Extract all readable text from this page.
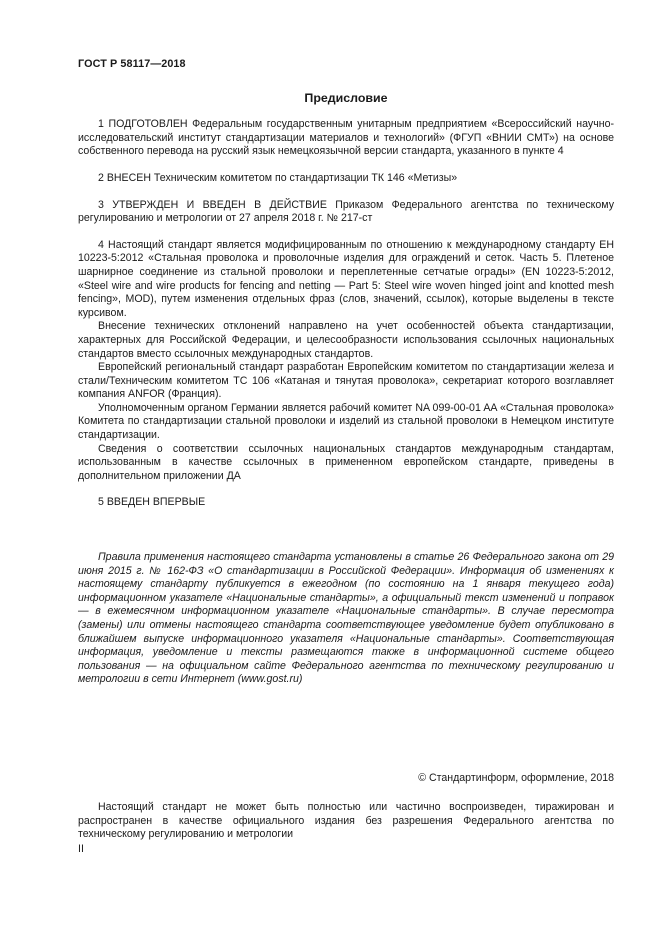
ГОСТ Р 58117—2018
Предисловие

1 ПОДГОТОВЛЕН Федеральным государственным унитарным предприятием «Всероссийский научно-исследовательский институт стандартизации материалов и технологий» (ФГУП «ВНИИ СМТ») на основе собственного перевода на русский язык немецкоязычной версии стандарта, указанного в пункте 4

2 ВНЕСЕН Техническим комитетом по стандартизации ТК 146 «Метизы»

3 УТВЕРЖДЕН И ВВЕДЕН В ДЕЙСТВИЕ Приказом Федерального агентства по техническому регулированию и метрологии от 27 апреля 2018 г. № 217-ст

4 Настоящий стандарт является модифицированным по отношению к международному стандарту ЕН 10223-5:2012 «Стальная проволока и проволочные изделия для ограждений и сеток. Часть 5. Плетеное шарнирное соединение из стальной проволоки и переплетенные сетчатые ограды» (EN 10223-5:2012, «Steel wire and wire products for fencing and netting — Part 5: Steel wire woven hinged joint and knotted mesh fencing», MOD), путем изменения отдельных фраз (слов, значений, ссылок), которые выделены в тексте курсивом.

Внесение технических отклонений направлено на учет особенностей объекта стандартизации, характерных для Российской Федерации, и целесообразности использования ссылочных национальных стандартов вместо ссылочных международных стандартов.

Европейский региональный стандарт разработан Европейским комитетом по стандартизации железа и стали/Техническим комитетом ТС 106 «Катаная и тянутая проволока», секретариат которого возглавляет компания ANFOR (Франция).

Уполномоченным органом Германии является рабочий комитет NA 099-00-01 AA «Стальная проволока» Комитета по стандартизации стальной проволоки и изделий из стальной проволоки в Немецком институте стандартизации.

Сведения о соответствии ссылочных национальных стандартов международным стандартам, использованным в качестве ссылочных в примененном европейском стандарте, приведены в дополнительном приложении ДА

5 ВВЕДЕН ВПЕРВЫЕ

Правила применения настоящего стандарта установлены в статье 26 Федерального закона от 29 июня 2015 г. № 162-ФЗ «О стандартизации в Российской Федерации». Информация об изменениях к настоящему стандарту публикуется в ежегодном (по состоянию на 1 января текущего года) информационном указателе «Национальные стандарты», а официальный текст изменений и поправок — в ежемесячном информационном указателе «Национальные стандарты». В случае пересмотра (замены) или отмены настоящего стандарта соответствующее уведомление будет опубликовано в ближайшем выпуске информационного указателя «Национальные стандарты». Соответствующая информация, уведомление и тексты размещаются также в информационной системе общего пользования — на официальном сайте Федерального агентства по техническому регулированию и метрологии в сети Интернет (www.gost.ru)

© Стандартинформ, оформление, 2018

Настоящий стандарт не может быть полностью или частично воспроизведен, тиражирован и распространен в качестве официального издания без разрешения Федерального агентства по техническому регулированию и метрологии

II
